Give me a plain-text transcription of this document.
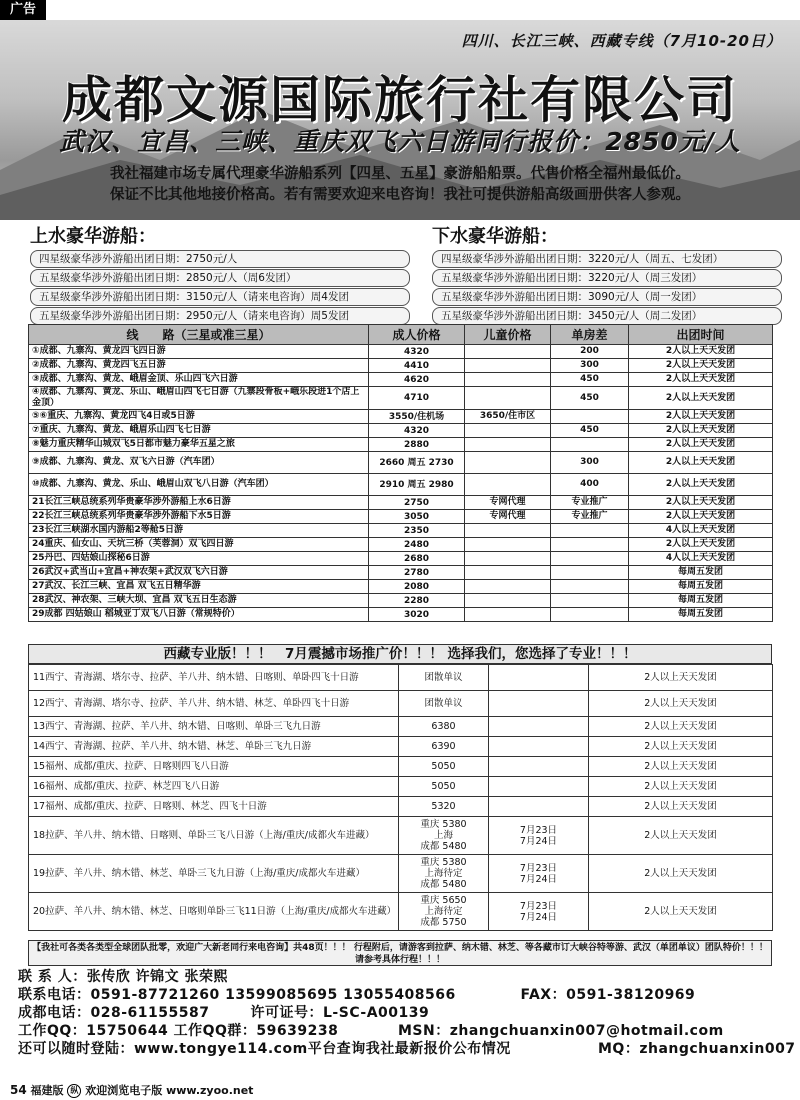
广告
四川、长江三峡、西藏专线（7月10-20日）
成都文源国际旅行社有限公司
武汉、宜昌、三峡、重庆双飞六日游同行报价：2850元/人
我社福建市场专属代理豪华游船系列【四星、五星】豪游船船票。代售价格全福州最低价。
保证不比其他地接价格高。若有需要欢迎来电咨询！我社可提供游船高级画册供客人参观。
上水豪华游船：
四星级豪华涉外游船出团日期：2750元/人
五星级豪华涉外游船出团日期：2850元/人（周6发团）
五星级豪华涉外游船出团日期：3150元/人（请来电咨询）周4发团
五星级豪华涉外游船出团日期：2950元/人（请来电咨询）周5发团
下水豪华游船：
四星级豪华涉外游船出团日期：3220元/人（周五、七发团）
五星级豪华涉外游船出团日期：3220元/人（周三发团）
五星级豪华涉外游船出团日期：3090元/人（周一发团）
五星级豪华涉外游船出团日期：3450元/人（周二发团）
线　　路（三星或准三星）	成人价格	儿童价格	单房差	出团时间
①成都、九寨沟、黄龙四飞四日游	4320		200	2人以上天天发团
②成都、九寨沟、黄龙四飞五日游	4410		300	2人以上天天发团
③成都、九寨沟、黄龙、峨眉金顶、乐山四飞六日游	4620		450	2人以上天天发团
④成都、九寨沟、黄龙、乐山、峨眉山四飞七日游（九寨段骨板+峨乐段进1个店上金顶）	4710		450	2人以上天天发团
⑤⑥重庆、九寨沟、黄龙四飞4日或5日游	3550/住机场	3650/住市区		2人以上天天发团
⑦重庆、九寨沟、黄龙、峨眉乐山四飞七日游	4320		450	2人以上天天发团
⑧魅力重庆精华山城双飞5日都市魅力豪华五星之旅	2880			2人以上天天发团
⑨成都、九寨沟、黄龙、双飞六日游（汽车团）	2660 周五 2730		300	2人以上天天发团
⑩成都、九寨沟、黄龙、乐山、峨眉山双飞八日游（汽车团）	2910 周五 2980		400	2人以上天天发团
21长江三峡总统系列华贵豪华涉外游船上水6日游	2750	专网代理	专业推广	2人以上天天发团
22长江三峡总统系列华贵豪华涉外游船下水5日游	3050	专网代理	专业推广	2人以上天天发团
23长江三峡湖水国内游船2等舱5日游	2350			4人以上天天发团
24重庆、仙女山、天坑三桥（芙蓉洞）双飞四日游	2480			2人以上天天发团
25丹巴、四姑娘山探秘6日游	2680			4人以上天天发团
26武汉+武当山+宜昌+神农架+武汉双飞六日游	2780			每周五发团
27武汉、长江三峡、宜昌 双飞五日精华游	2080			每周五发团
28武汉、神农架、三峡大坝、宜昌 双飞五日生态游	2280			每周五发团
29成都 四姑娘山 稻城亚丁双飞八日游（常规特价）	3020			每周五发团
西藏专业版！！！　7月震撼市场推广价！！！ 选择我们，您选择了专业！！！
11西宁、青海湖、塔尔寺、拉萨、羊八井、纳木错、日喀则、单卧四飞十日游	团散单议		2人以上天天发团
12西宁、青海湖、塔尔寺、拉萨、羊八井、纳木错、林芝、单卧四飞十日游	团散单议		2人以上天天发团
13西宁、青海湖、拉萨、羊八井、纳木错、日喀则、单卧三飞九日游	6380		2人以上天天发团
14西宁、青海湖、拉萨、羊八井、纳木错、林芝、单卧三飞九日游	6390		2人以上天天发团
15福州、成都/重庆、拉萨、日喀则四飞八日游	5050		2人以上天天发团
16福州、成都/重庆、拉萨、林芝四飞八日游	5050		2人以上天天发团
17福州、成都/重庆、拉萨、日喀则、林芝、四飞十日游	5320		2人以上天天发团
18拉萨、羊八井、纳木错、日喀则、单卧三飞八日游（上海/重庆/成都火车进藏）	重庆 5380
上海
成都 5480	7月23日
7月24日	2人以上天天发团
19拉萨、羊八井、纳木错、林芝、单卧三飞九日游（上海/重庆/成都火车进藏）	重庆 5380
上海待定
成都 5480	7月23日
7月24日	2人以上天天发团
20拉萨、羊八井、纳木错、林芝、日喀则单卧三飞11日游（上海/重庆/成都火车进藏）	重庆 5650
上海待定
成都 5750	7月23日
7月24日	2人以上天天发团
【我社可各类各类型全球团队批零，欢迎广大新老同行来电咨询】共48页！！！ 行程附后，请游客到拉萨、纳木错、林芝、等各藏市订大峡谷特等游、武汉（单团单议）团队特价！！！ 请参考具体行程！！！
联 系 人：张传欣 许锦文 张荣熙
联系电话：0591-87721260 13599085695 13055408566	FAX：0591-38120969
成都电话：028-61155587	许可证号：L-SC-A00139
工作QQ：15750644 工作QQ群：59639238	MSN：zhangchuanxin007@hotmail.com
还可以随时登陆：www.tongye114.com平台查询我社最新报价公布情况	MQ：zhangchuanxin007
54 福建版 纵 欢迎浏览电子版 www.zyoo.net
